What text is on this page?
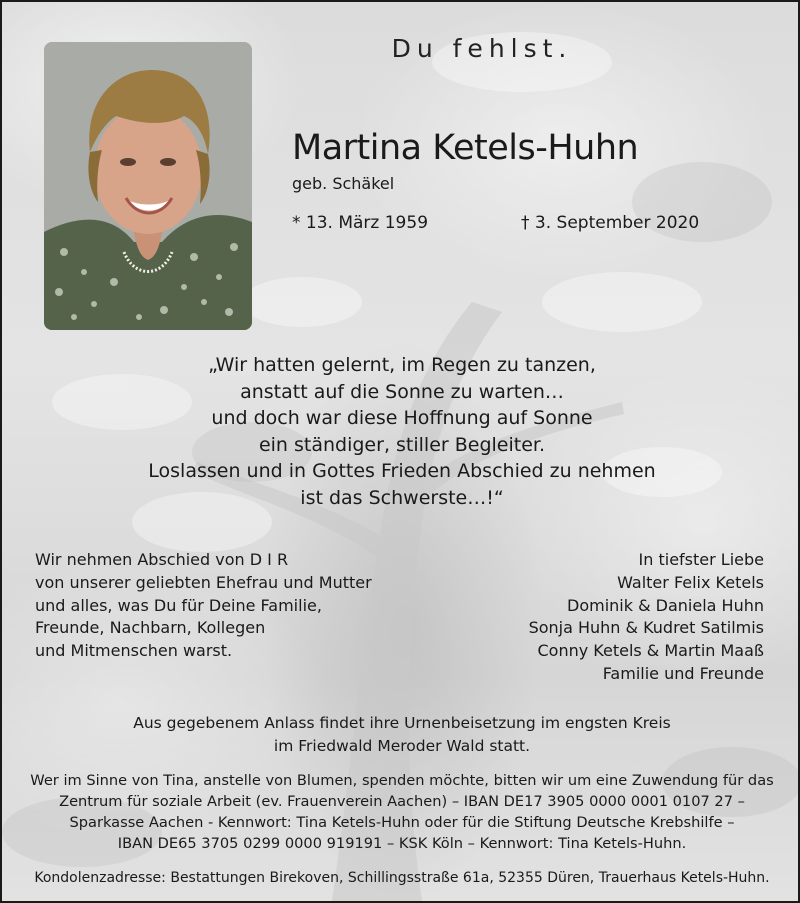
Du fehlst.
Martina Ketels-Huhn
geb. Schäkel
* 13. März 1959	† 3. September 2020
„Wir hatten gelernt, im Regen zu tanzen,
anstatt auf die Sonne zu warten…
und doch war diese Hoffnung auf Sonne
ein ständiger, stiller Begleiter.
Loslassen und in Gottes Frieden Abschied zu nehmen
ist das Schwerste…!“
Wir nehmen Abschied von D I R
von unserer geliebten Ehefrau und Mutter
und alles, was Du für Deine Familie,
Freunde, Nachbarn, Kollegen
und Mitmenschen warst.
In tiefster Liebe
Walter Felix Ketels
Dominik & Daniela Huhn
Sonja Huhn & Kudret Satilmis
Conny Ketels & Martin Maaß
Familie und Freunde
Aus gegebenem Anlass findet ihre Urnenbeisetzung im engsten Kreis
im Friedwald Meroder Wald statt.
Wer im Sinne von Tina, anstelle von Blumen, spenden möchte, bitten wir um eine Zuwendung für das
Zentrum für soziale Arbeit (ev. Frauenverein Aachen) – IBAN DE17 3905 0000 0001 0107 27 –
Sparkasse Aachen - Kennwort: Tina Ketels-Huhn oder für die Stiftung Deutsche Krebshilfe –
IBAN DE65 3705 0299 0000 919191 – KSK Köln – Kennwort: Tina Ketels-Huhn.
Kondolenzadresse: Bestattungen Birekoven, Schillingsstraße 61a, 52355 Düren, Trauerhaus Ketels-Huhn.
